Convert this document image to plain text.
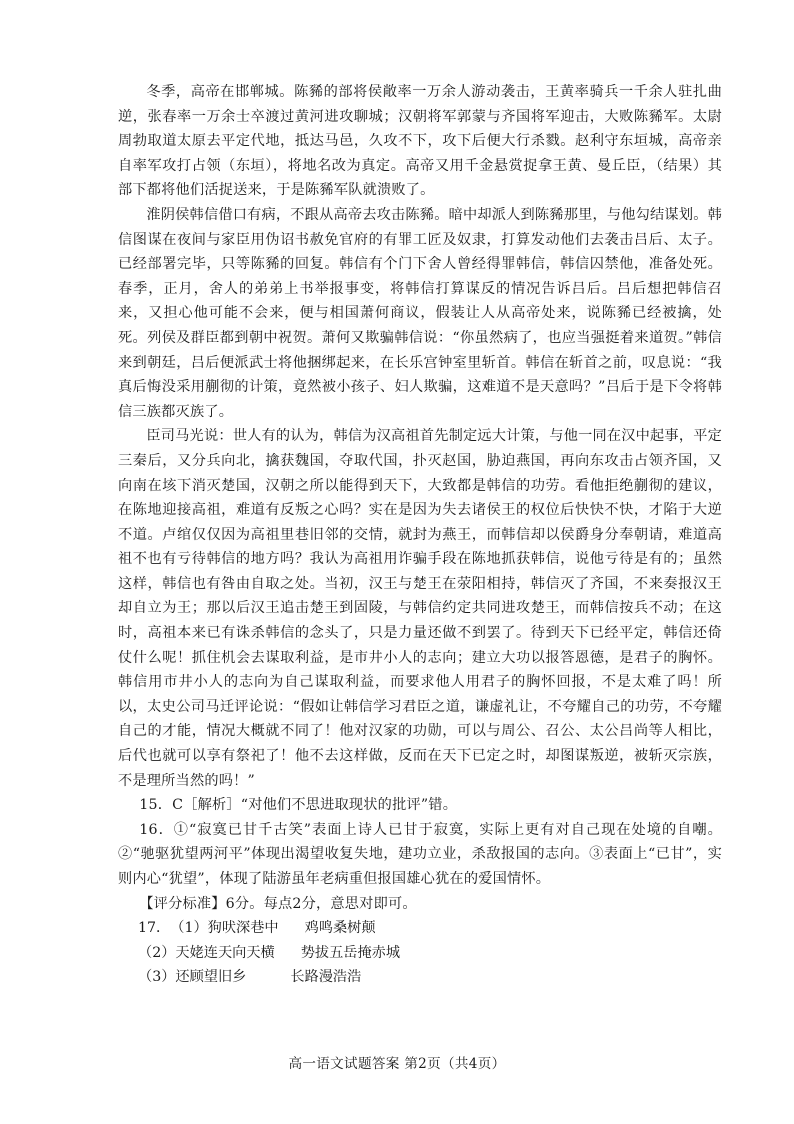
冬季，高帝在邯郸城。陈豨的部将侯敞率一万余人游动袭击，王黄率骑兵一千余人驻扎曲逆，张春率一万余士卒渡过黄河进攻聊城；汉朝将军郭蒙与齐国将军迎击，大败陈豨军。太尉周勃取道太原去平定代地，抵达马邑，久攻不下，攻下后便大行杀戮。赵利守东垣城，高帝亲自率军攻打占领（东垣），将地名改为真定。高帝又用千金悬赏捉拿王黄、曼丘臣，（结果）其部下都将他们活捉送来，于是陈豨军队就溃败了。

淮阴侯韩信借口有病，不跟从高帝去攻击陈豨。暗中却派人到陈豨那里，与他勾结谋划。韩信图谋在夜间与家臣用伪诏书赦免官府的有罪工匠及奴隶，打算发动他们去袭击吕后、太子。已经部署完毕，只等陈豨的回复。韩信有个门下舍人曾经得罪韩信，韩信囚禁他，准备处死。春季，正月，舍人的弟弟上书举报事变，将韩信打算谋反的情况告诉吕后。吕后想把韩信召来，又担心他可能不会来，便与相国萧何商议，假装让人从高帝处来，说陈豨已经被擒，处死。列侯及群臣都到朝中祝贺。萧何又欺骗韩信说：“你虽然病了，也应当强挺着来道贺。”韩信来到朝廷，吕后便派武士将他捆绑起来，在长乐宫钟室里斩首。韩信在斩首之前，叹息说：“我真后悔没采用蒯彻的计策，竟然被小孩子、妇人欺骗，这难道不是天意吗？”吕后于是下令将韩信三族都灭族了。

臣司马光说：世人有的认为，韩信为汉高祖首先制定远大计策，与他一同在汉中起事，平定三秦后，又分兵向北，擒获魏国，夺取代国，扑灭赵国，胁迫燕国，再向东攻击占领齐国，又向南在垓下消灭楚国，汉朝之所以能得到天下，大致都是韩信的功劳。看他拒绝蒯彻的建议，在陈地迎接高祖，难道有反叛之心吗？实在是因为失去诸侯王的权位后快快不快，才陷于大逆不道。卢绾仅仅因为高祖里巷旧邻的交情，就封为燕王，而韩信却以侯爵身分奉朝请，难道高祖不也有亏待韩信的地方吗？我认为高祖用诈骗手段在陈地抓获韩信，说他亏待是有的；虽然这样，韩信也有咎由自取之处。当初，汉王与楚王在荥阳相持，韩信灭了齐国，不来奏报汉王却自立为王；那以后汉王追击楚王到固陵，与韩信约定共同进攻楚王，而韩信按兵不动；在这时，高祖本来已有诛杀韩信的念头了，只是力量还做不到罢了。待到天下已经平定，韩信还倚仗什么呢！抓住机会去谋取利益，是市井小人的志向；建立大功以报答恩德，是君子的胸怀。韩信用市井小人的志向为自己谋取利益，而要求他人用君子的胸怀回报，不是太难了吗！所以，太史公司马迁评论说：“假如让韩信学习君臣之道，谦虚礼让，不夸耀自己的功劳，不夸耀自己的才能，情况大概就不同了！他对汉家的功勋，可以与周公、召公、太公吕尚等人相比，后代也就可以享有祭祀了！他不去这样做，反而在天下已定之时，却图谋叛逆，被斩灭宗族，不是理所当然的吗！”

15．C［解析］“对他们不思进取现状的批评”错。

16．①“寂寞已甘千古笑”表面上诗人已甘于寂寞，实际上更有对自己现在处境的自嘲。②“驰驱犹望两河平”体现出渴望收复失地，建功立业，杀敌报国的志向。③表面上“已甘”，实则内心“犹望”，体现了陆游虽年老病重但报国雄心犹在的爱国情怀。

【评分标准】6分。每点2分，意思对即可。

17．（1）狗吠深巷中 鸡鸣桑树颠

（2）天姥连天向天横 势拔五岳掩赤城

（3）还顾望旧乡	长路漫浩浩

高一语文试题答案 第2页（共4页）
